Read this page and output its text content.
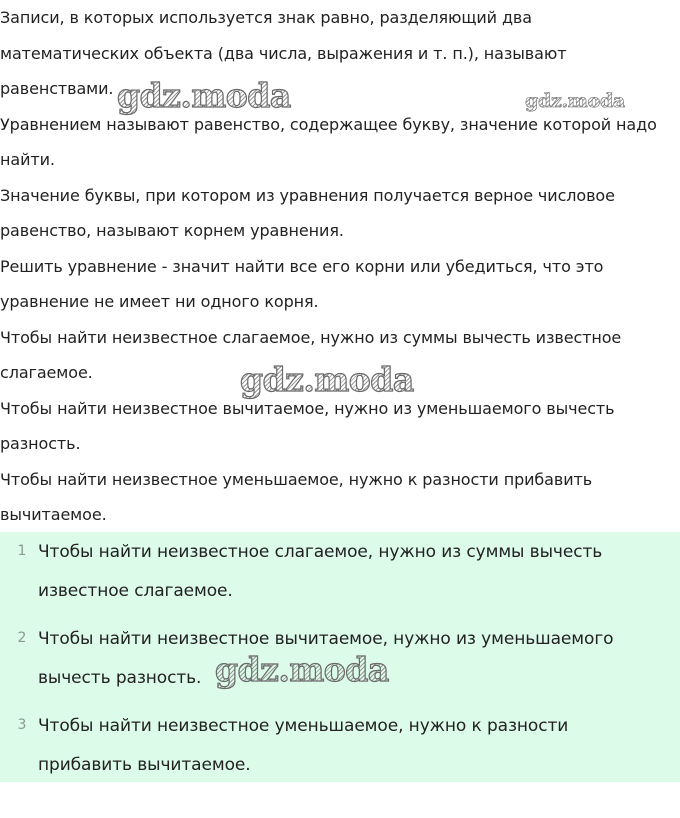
Записи, в которых используется знак равно, разделяющий два математических объекта (два числа, выражения и т. п.), называют равенствами.

Уравнением называют равенство, содержащее букву, значение которой надо найти.

Значение буквы, при котором из уравнения получается верное числовое равенство, называют корнем уравнения.

Решить уравнение - значит найти все его корни или убедиться, что это уравнение не имеет ни одного корня.

Чтобы найти неизвестное слагаемое, нужно из суммы вычесть известное слагаемое.

Чтобы найти неизвестное вычитаемое, нужно из уменьшаемого вычесть разность.

Чтобы найти неизвестное уменьшаемое, нужно к разности прибавить вычитаемое.

1 Чтобы найти неизвестное слагаемое, нужно из суммы вычесть известное слагаемое.
2 Чтобы найти неизвестное вычитаемое, нужно из уменьшаемого вычесть разность.
3 Чтобы найти неизвестное уменьшаемое, нужно к разности прибавить вычитаемое.
gdz.moda	gdz.moda
gdz.moda
gdz.moda
